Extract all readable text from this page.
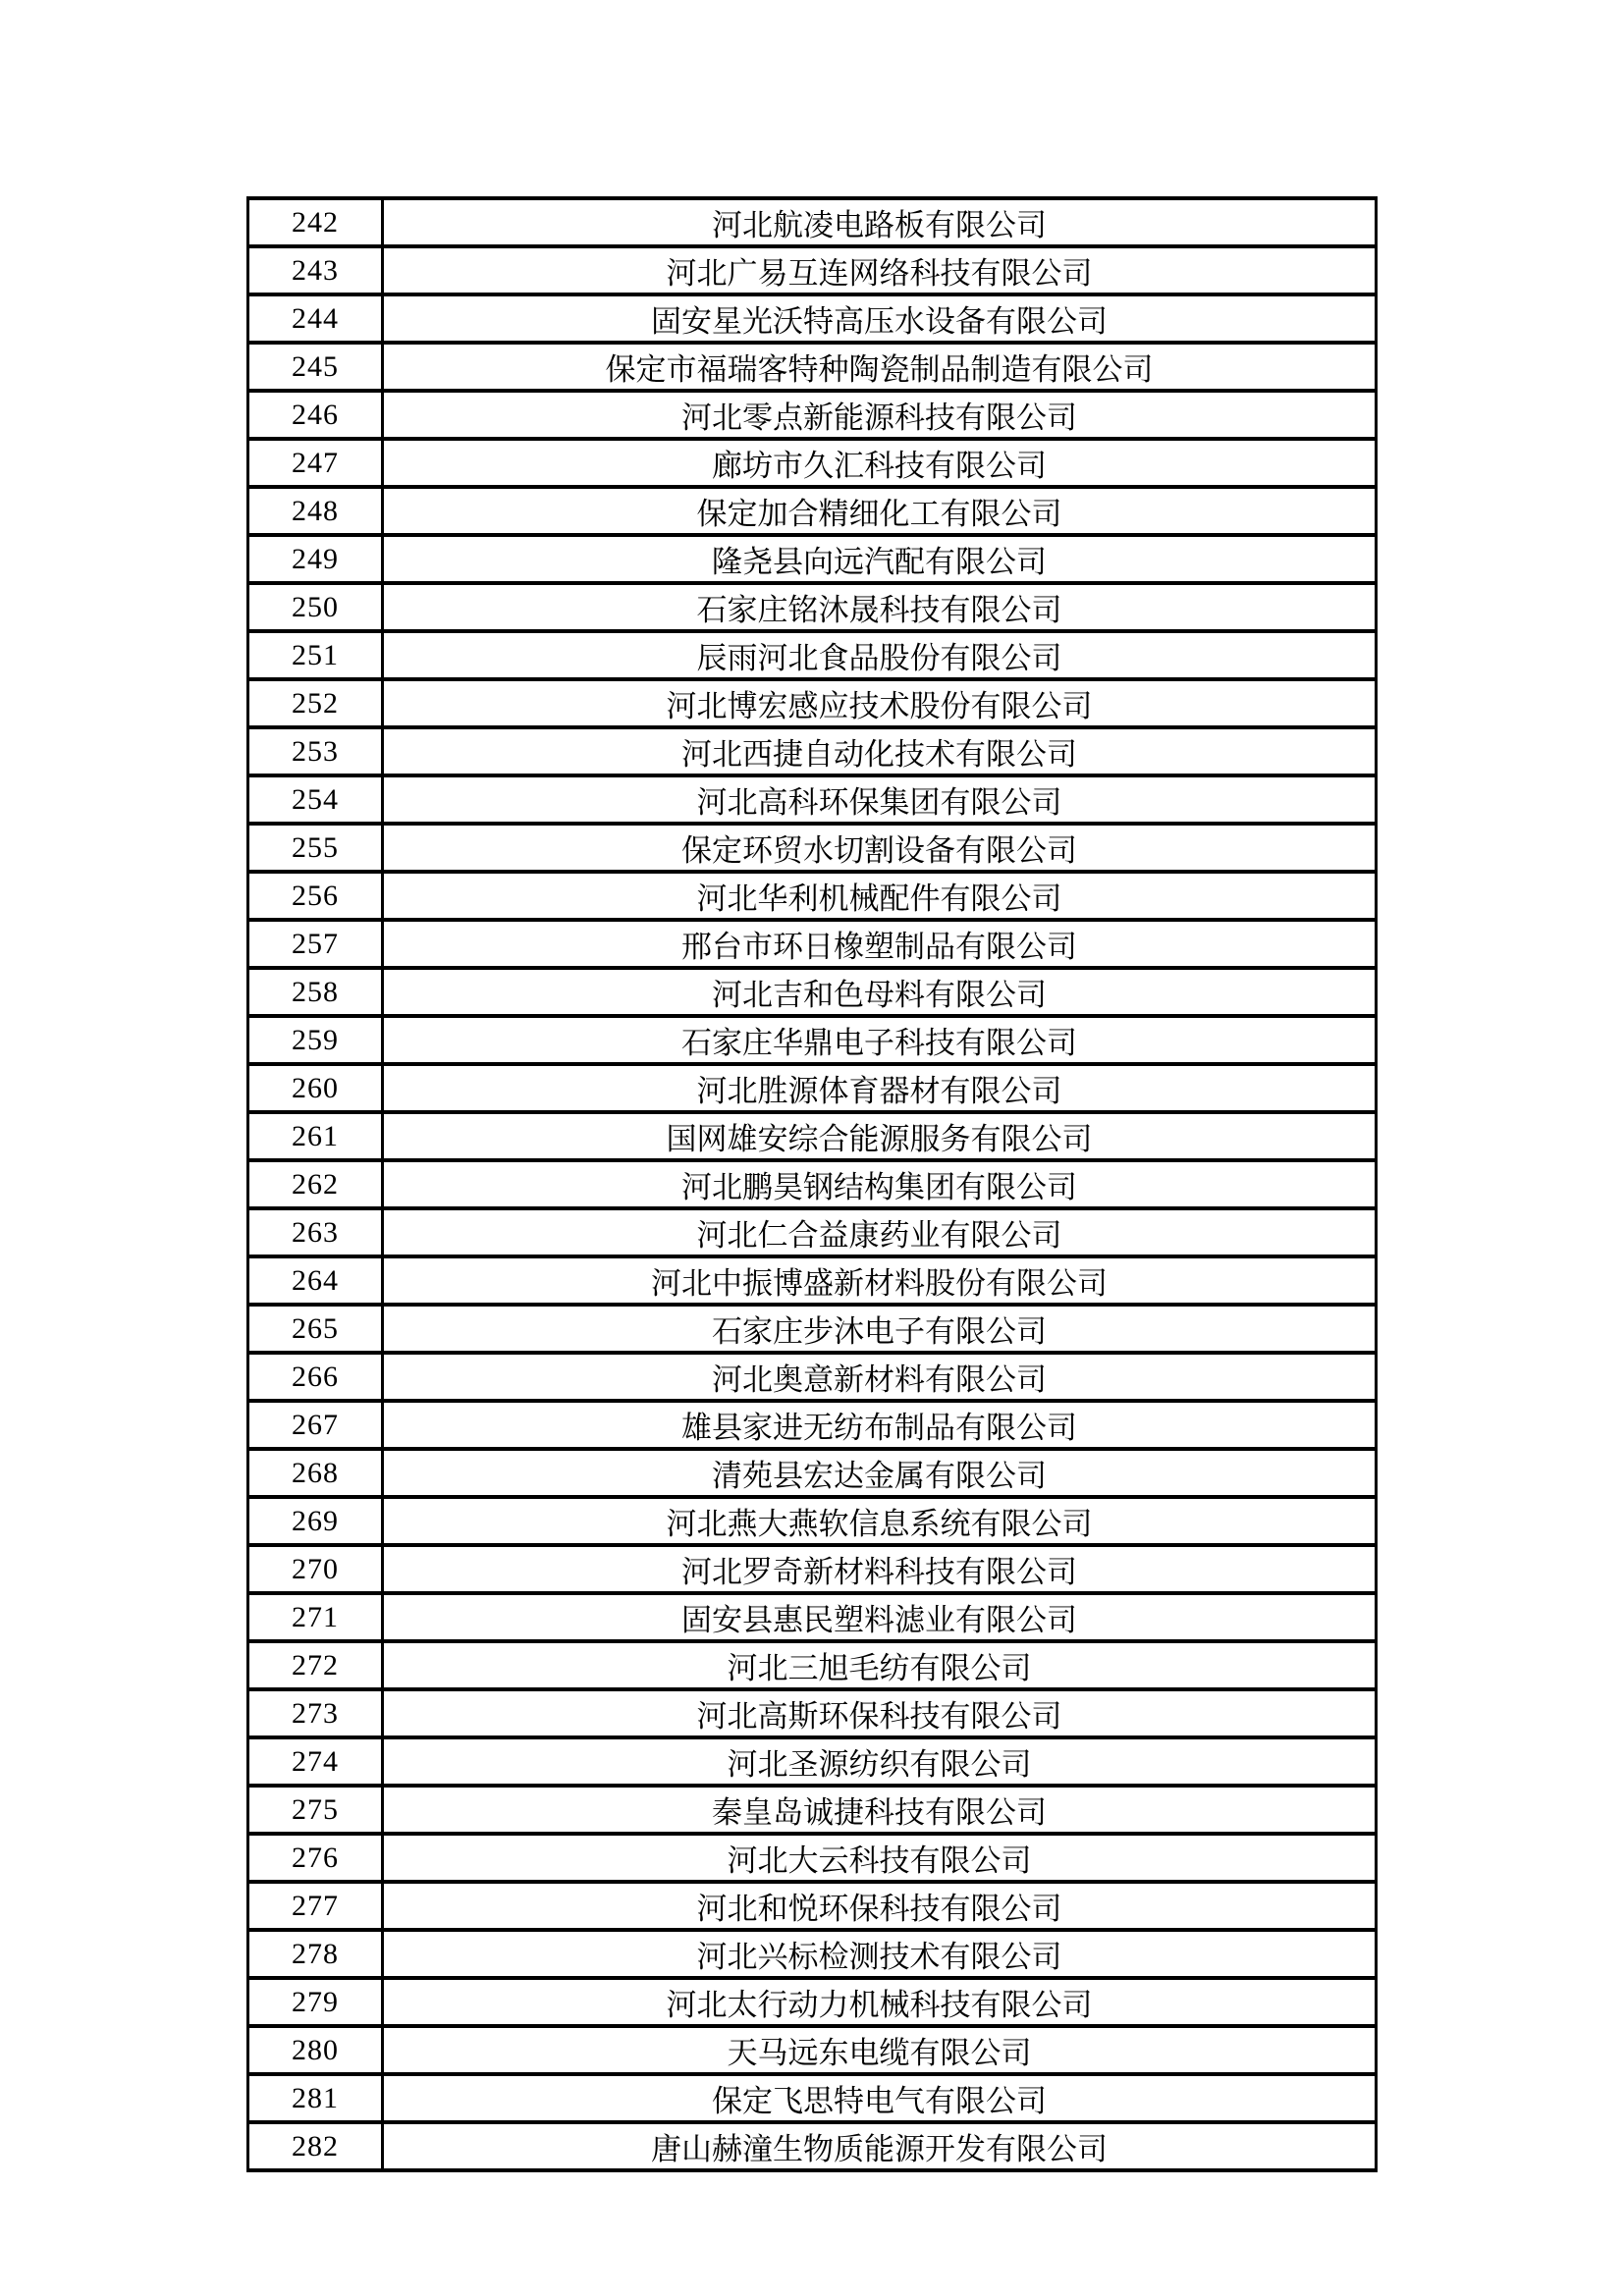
242	河北航凌电路板有限公司
243	河北广易互连网络科技有限公司
244	固安星光沃特高压水设备有限公司
245	保定市福瑞客特种陶瓷制品制造有限公司
246	河北零点新能源科技有限公司
247	廊坊市久汇科技有限公司
248	保定加合精细化工有限公司
249	隆尧县向远汽配有限公司
250	石家庄铭沐晟科技有限公司
251	辰雨河北食品股份有限公司
252	河北博宏感应技术股份有限公司
253	河北西捷自动化技术有限公司
254	河北高科环保集团有限公司
255	保定环贸水切割设备有限公司
256	河北华利机械配件有限公司
257	邢台市环日橡塑制品有限公司
258	河北吉和色母料有限公司
259	石家庄华鼎电子科技有限公司
260	河北胜源体育器材有限公司
261	国网雄安综合能源服务有限公司
262	河北鹏昊钢结构集团有限公司
263	河北仁合益康药业有限公司
264	河北中振博盛新材料股份有限公司
265	石家庄步沐电子有限公司
266	河北奥意新材料有限公司
267	雄县家进无纺布制品有限公司
268	清苑县宏达金属有限公司
269	河北燕大燕软信息系统有限公司
270	河北罗奇新材料科技有限公司
271	固安县惠民塑料滤业有限公司
272	河北三旭毛纺有限公司
273	河北高斯环保科技有限公司
274	河北圣源纺织有限公司
275	秦皇岛诚捷科技有限公司
276	河北大云科技有限公司
277	河北和悦环保科技有限公司
278	河北兴标检测技术有限公司
279	河北太行动力机械科技有限公司
280	天马远东电缆有限公司
281	保定飞思特电气有限公司
282	唐山赫潼生物质能源开发有限公司
